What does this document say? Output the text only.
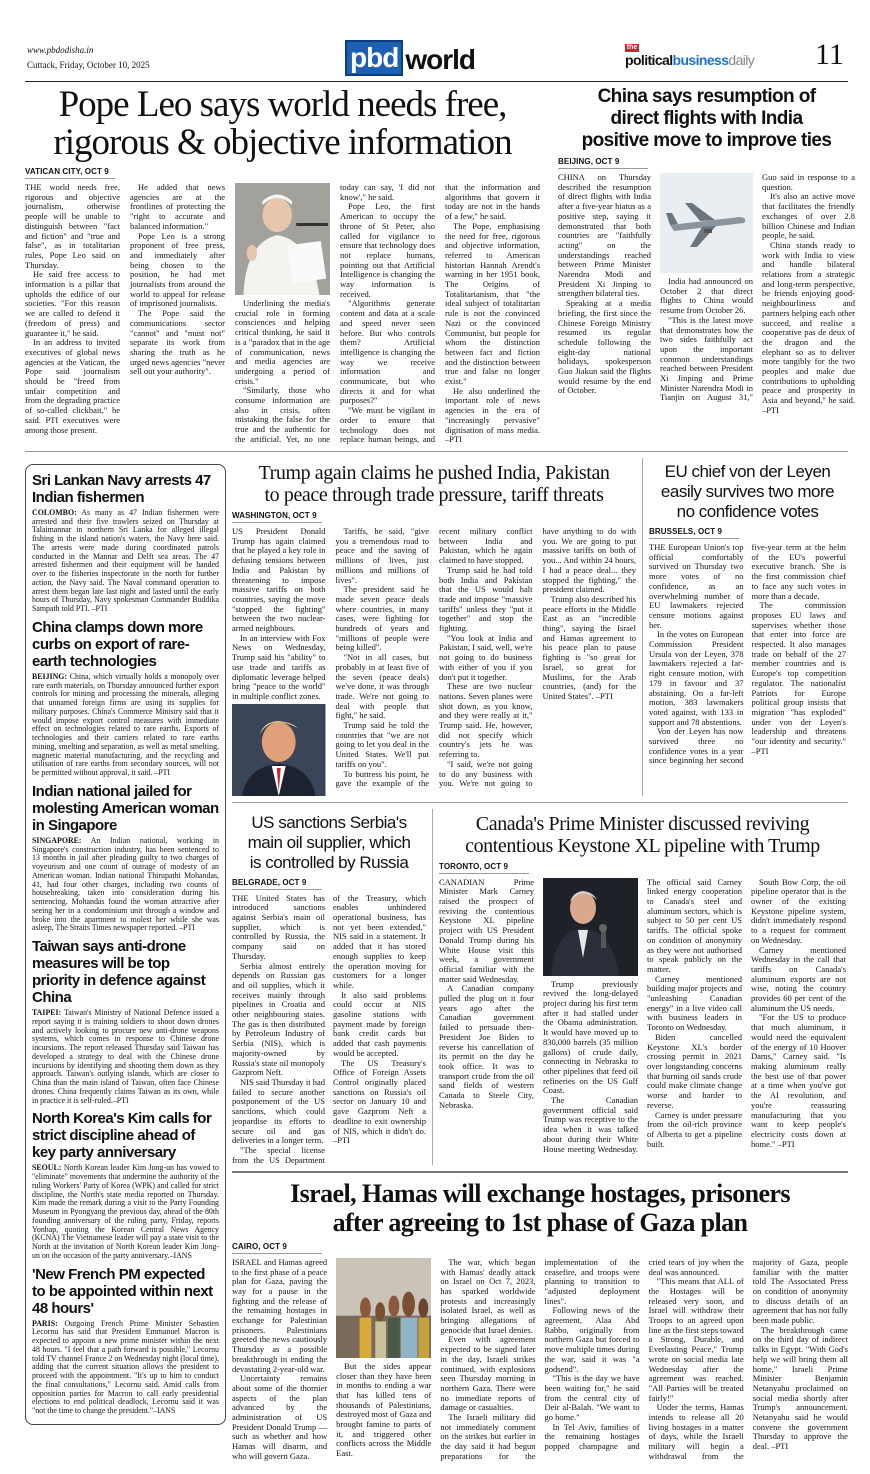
www.pbdodisha.in
Cuttack, Friday, October 10, 2025	pbd world	the
politicalbusinessdaily 11
Pope Leo says world needs free,
rigorous & objective information
VATICAN CITY, OCT 9

THE world needs free, rigorous and objective journalism, otherwise people will be unable to distinguish between "fact and fiction" and "true and false", as in totalitarian rules, Pope Leo said on Thursday.

He said free access to information is a pillar that upholds the edifice of our societies. "For this reason we are called to defend it (freedom of press) and guarantee it," he said.

In an address to invited executives of global news agencies at the Vatican, the Pope said journalism should be "freed from unfair competition and from the degrading practice of so-called clickbait," he said. PTI executives were among those present.

He added that news agencies are at the frontlines of protecting the "right to accurate and balanced information."

Pope Leo is a strong proponent of free press, and immediately after being chosen to the position, he had met journalists from around the world to appeal for release of imprisoned journalists.

The Pope said the communications sector "cannot" and "must not" separate its work from sharing the truth as he urged news agencies "never sell out your authority".

Underlining the media's crucial role in forming consciences and helping critical thinking, he said it is a "paradox that in the age of communication, news and media agencies are undergoing a period of crisis."

"Similarly, those who consume information are also in crisis, often mistaking the false for the true and the authentic for the artificial. Yet, no one today can say, 'I did not know'," he said.

Pope Leo, the first American to occupy the throne of St Peter, also called for vigilance to ensure that technology does not replace humans, pointing out that Artificial Intelligence is changing the way information is received.

"Algorithms generate content and data at a scale and speed never seen before. But who controls them? Artificial intelligence is changing the way we receive information and communicate, but who directs it and for what purposes?"

"We must be vigilant in order to ensure that technology does not replace human beings, and that the information and algorithms that govern it today are not in the hands of a few," he said.

The Pope, emphasising the need for free, rigorous and objective information, referred to American historian Hannah Arendt's warning in her 1951 book, The Origins of Totalitarianism, that "the ideal subject of totalitarian rule is not the convinced Nazi or the convinced Communist, but people for whom the distinction between fact and fiction and the distinction between true and false no longer exist."

He also underlined the important role of news agencies in the era of "increasingly pervasive" digitisation of mass media. –PTI

China says resumption of
direct flights with India
positive move to improve ties
BEIJING, OCT 9

CHINA on Thursday described the resumption of direct flights with India after a five-year hiatus as a positive step, saying it demonstrated that both countries are "faithfully acting" on the understandings reached between Prime Minister Narendra Modi and President Xi Jinping to strengthen bilateral ties.

Speaking at a media briefing, the first since the Chinese Foreign Ministry resumed its regular schedule following the eight-day national holidays, spokesperson Guo Jiakun said the flights would resume by the end of October.

India had announced on October 2 that direct flights to China would resume from October 26.

"This is the latest move that demonstrates how the two sides faithfully act upon the important common understandings reached between President Xi Jinping and Prime Minister Narendra Modi in Tianjin on August 31," Guo said in response to a question.

It's also an active move that facilitates the friendly exchanges of over 2.8 billion Chinese and Indian people, he said.

China stands ready to work with India to view and handle bilateral relations from a strategic and long-term perspective, be friends enjoying good-neighbourliness and partners helping each other succeed, and realise a cooperative pas de deux of the dragon and the elephant so as to deliver more tangibly for the two peoples and make due contributions to upholding peace and prosperity in Asia and beyond," he said. –PTI

Sri Lankan Navy arrests 47 Indian fishermen
COLOMBO: As many as 47 Indian fishermen were arrested and their five trawlers seized on Thursday at Talaimannar in northern Sri Lanka for alleged illegal fishing in the island nation's waters, the Navy here said. The arrests were made during coordinated patrols conducted in the Mannar and Delft sea areas. The 47 arrested fishermen and their equipment will be handed over to the fisheries inspectorate in the north for further action, the Navy said. The Naval command operation to arrest them began late last night and lasted until the early hours of Thursday, Navy spokesman Commander Buddika Sampath told PTI. –PTI
China clamps down more curbs on export of rare-earth technologies
BEIJING: China, which virtually holds a monopoly over rare earth materials, on Thursday announced further export controls for mining and processing the minerals, alleging that unnamed foreign firms are using its supplies for military purposes. China's Commerce Ministry said that it would impose export control measures with immediate effect on technologies related to rare earths. Exports of technologies and their carriers related to rare earths mining, smelting and separation, as well as metal smelting, magnetic material manufacturing, and the recycling and utilisation of rare earths from secondary sources, will not be permitted without approval, it said. –PTI
Indian national jailed for molesting American woman in Singapore
SINGAPORE: An Indian national, working in Singapore's construction industry, has been sentenced to 13 months in jail after pleading guilty to two charges of voyeurism and one count of outrage of modesty of an American woman. Indian national Thirupathi Mohandas, 41, had four other charges, including two counts of housebreaking, taken into consideration during his sentencing. Mohandas found the woman attractive after seeing her in a condominium unit through a window and broke into the apartment to molest her while she was asleep, The Straits Times newspaper reported. –PTI
Taiwan says anti-drone measures will be top priority in defence against China
TAIPEI: Taiwan's Ministry of National Defence issued a report saying it is training soldiers to shoot down drones and actively looking to procure new anti-drone weapons systems, which comes in response to Chinese drone incursions. The report released Thursday said Taiwan has developed a strategy to deal with the Chinese drone incursions by identifying and shooting them down as they approach. Taiwan's outlying islands, which are closer to China than the main island of Taiwan, often face Chinese drones. China frequently claims Taiwan as its own, while in practice it is self-ruled.–PTI
North Korea's Kim calls for strict discipline ahead of key party anniversary
SEOUL: North Korean leader Kim Jong-un has vowed to "eliminate" movements that undermine the authority of the ruling Workers' Party of Korea (WPK) and called for strict discipline, the North's state media reported on Thursday. Kim made the remark during a visit to the Party Founding Museum in Pyongyang the previous day, ahead of the 80th founding anniversary of the ruling party, Friday, reports Yonhap, quoting the Korean Central News Agency (KCNA) The Vietnamese leader will pay a state visit to the North at the invitation of North Korean leader Kim Jong-un on the occasion of the party anniversary.–IANS
'New French PM expected to be appointed within next 48 hours'
PARIS: Outgoing French Prime Minister Sebastien Lecornu has said that President Emmanuel Macron is expected to appoint a new prime minister within the next 48 hours. "I feel that a path forward is possible," Lecornu told TV channel France 2 on Wednesday night (local time), adding that the current situation allows the president to proceed with the appointment. "It's up to him to conduct the final consultations," Lecornu said. Amid calls from opposition parties for Macron to call early presidential elections to end political deadlock, Lecornu said it was "not the time to change the president."–IANS
Trump again claims he pushed India, Pakistan
to peace through trade pressure, tariff threats
WASHINGTON, OCT 9

US President Donald Trump has again claimed that he played a key role in defusing tensions between India and Pakistan by threatening to impose massive tariffs on both countries, saying the move "stopped the fighting" between the two nuclear-armed neighbours.

In an interview with Fox News on Wednesday, Trump said his "ability" to use trade and tariffs as diplomatic leverage helped bring "peace to the world" in multiple conflict zones.

Tariffs, he said, "give you a tremendous road to peace and the saving of millions of lives, just millions and millions of lives".

The president said he made seven peace deals where countries, in many cases, were fighting for hundreds of years and "millions of people were being killed".

"Not in all cases, but probably in at least five of the seven (peace deals) we've done, it was through trade. We're not going to deal with people that fight," he said.

Trump said he told the countries that "we are not going to let you deal in the United States. We'll put tariffs on you".

To buttress his point, he gave the example of the recent military conflict between India and Pakistan, which he again claimed to have stopped.

Trump said he had told both India and Pakistan that the US would halt trade and impose "massive tariffs" unless they "put it together" and stop the fighting.

"You look at India and Pakistan, I said, well, we're not going to do business with either of you if you don't put it together.

These are two nuclear nations. Seven planes were shot down, as you know, and they were really at it," Trump said. He, however, did not specify which country's jets he was referring to.

"I said, we're not going to do any business with you. We're not going to have anything to do with you. We are going to put massive tariffs on both of you... And within 24 hours, I had a peace deal... they stopped the fighting," the president claimed.

Trump also described his peace efforts in the Middle East as an "incredible thing", saying the Israel and Hamas agreement to his peace plan to pause fighting is "so great for Israel, so great for Muslims, for the Arab countries, (and) for the United States". –PTI

EU chief von der Leyen
easily survives two more
no confidence votes
BRUSSELS, OCT 9

THE European Union's top official comfortably survived on Thursday two more votes of no confidence, as an overwhelming number of EU lawmakers rejected censure motions against her.

In the votes on European Commission President Ursula von der Leyen, 378 lawmakers rejected a far-right censure motion, with 179 in favour and 37 abstaining. On a far-left motion, 383 lawmakers voted against, with 133 in support and 78 abstentions.

Von der Leyen has now survived three no confidence votes in a year since beginning her second five-year term at the helm of the EU's powerful executive branch. She is the first commission chief to face any such votes in more than a decade.

The commission proposes EU laws and supervises whether those that enter into force are respected. It also manages trade on behalf of the 27 member countries and is Europe's top competition regulator. The nationalist Patriots for Europe political group insists that migration "has exploded" under von der Leyen's leadership and threatens "our identity and security." –PTI

US sanctions Serbia's
main oil supplier, which
is controlled by Russia
BELGRADE, OCT 9

THE United States has introduced sanctions against Serbia's main oil supplier, which is controlled by Russia, the company said on Thursday.

Serbia almost entirely depends on Russian gas and oil supplies, which it receives mainly through pipelines in Croatia and other neighbouring states. The gas is then distributed by Petroleum Industry of Serbia (NIS), which is majority-owned by Russia's state oil monopoly Gazprom Neft.

NIS said Thursday it had failed to secure another postponement of the US sanctions, which could jeopardise its efforts to secure oil and gas deliveries in a longer term.

"The special license from the US Department of the Treasury, which enables unhindered operational business, has not yet been extended," NIS said in a statement. It added that it has stored enough supplies to keep the operation moving for customers for a longer while.

It also said problems could occur at NIS gasoline stations with payment made by foreign bank credit cards but added that cash payments would be accepted.

The US Treasury's Office of Foreign Assets Control originally placed sanctions on Russia's oil sector on January 10 and gave Gazprom Neft a deadline to exit ownership of NIS, which it didn't do. –PTI

Canada's Prime Minister discussed reviving
contentious Keystone XL pipeline with Trump
TORONTO, OCT 9

CANADIAN Prime Minister Mark Carney raised the prospect of reviving the contentious Keystone XL pipeline project with US President Donald Trump during his White House visit this week, a government official familiar with the matter said Wednesday.

A Canadian company pulled the plug on it four years ago after the Canadian government failed to persuade then-President Joe Biden to reverse his cancellation of its permit on the day he took office. It was to transport crude from the oil sand fields of western Canada to Steele City, Nebraska.

Trump previously revived the long-delayed project during his first term after it had stalled under the Obama administration. It would have moved up to 830,000 barrels (35 million gallons) of crude daily, connecting in Nebraska to other pipelines that feed oil refineries on the US Gulf Coast.

The Canadian government official said Trump was receptive to the idea when it was talked about during their White House meeting Wednesday. The official said Carney linked energy cooperation to Canada's steel and aluminum sectors, which is subject to 50 per cent US tariffs. The official spoke on condition of anonymity as they were not authorised to speak publicly on the matter.

Carney mentioned building major projects and "unleashing Canadian energy" in a live video call with business leaders in Toronto on Wednesday.

Biden cancelled Keystone XL's border crossing permit in 2021 over longstanding concerns that burning oil sands crude could make climate change worse and harder to reverse.

Carney is under pressure from the oil-rich province of Alberta to get a pipeline built.

South Bow Corp, the oil pipeline operator that is the owner of the existing Keystone pipeline system, didn't immediately respond to a request for comment on Wednesday.

Carney mentioned Wednesday in the call that tariffs on Canada's aluminum exports are not wise, noting the country provides 60 per cent of the aluminum the US needs.

"For the US to produce that much aluminum, it would need the equivalent of the energy of 10 Hoover Dams," Carney said. "Is making aluminum really the best use of that power at a time when you've got the AI revolution, and you're reassuring manufacturing that you want to keep people's electricity costs down at home." –PTI

Israel, Hamas will exchange hostages, prisoners
after agreeing to 1st phase of Gaza plan
CAIRO, OCT 9

ISRAEL and Hamas agreed to the first phase of a peace plan for Gaza, paving the way for a pause in the fighting and the release of the remaining hostages in exchange for Palestinian prisoners. Palestinians greeted the news cautiously Thursday as a possible breakthrough in ending the devastating 2-year-old war.

Uncertainty remains about some of the thornier aspects of the plan advanced by the administration of US President Donald Trump — such as whether and how Hamas will disarm, and who will govern Gaza.

But the sides appear closer than they have been in months to ending a war that has killed tens of thousands of Palestinians, destroyed most of Gaza and brought famine to parts of it, and triggered other conflicts across the Middle East.

The war, which began with Hamas' deadly attack on Israel on Oct 7, 2023, has sparked worldwide protests and increasingly isolated Israel, as well as bringing allegations of genocide that Israel denies.

Even with agreement expected to be signed later in the day, Israeli strikes continued, with explosions seen Thursday morning in northern Gaza. There were no immediate reports of damage or casualties.

The Israeli military did not immediately comment on the strikes but earlier in the day said it had begun preparations for the implementation of the ceasefire, and troops were planning to transition to "adjusted deployment lines".

Following news of the agreement, Alaa Abd Rabbo, originally from northern Gaza but forced to move multiple times during the war, said it was "a godsend".

"This is the day we have been waiting for," he said from the central city of Deir al-Balah. "We want to go home."

In Tel Aviv, families of the remaining hostages popped champagne and cried tears of joy when the deal was announced.

"This means that ALL of the Hostages will be released very soon, and Israel will withdraw their Troops to an agreed upon line as the first steps toward a Strong, Durable, and Everlasting Peace," Trump wrote on social media late Wednesday after the agreement was reached. "All Parties will be treated fairly!"

Under the terms, Hamas intends to release all 20 living hostages in a matter of days, while the Israeli military will begin a withdrawal from the majority of Gaza, people familiar with the matter told The Associated Press on condition of anonymity to discuss details of an agreement that has not fully been made public.

The breakthrough came on the third day of indirect talks in Egypt. "With God's help we will bring them all home," Israeli Prime Minister Benjamin Netanyahu proclaimed on social media shortly after Trump's announcement. Netanyahu said he would convene the government Thursday to approve the deal. –PTI
